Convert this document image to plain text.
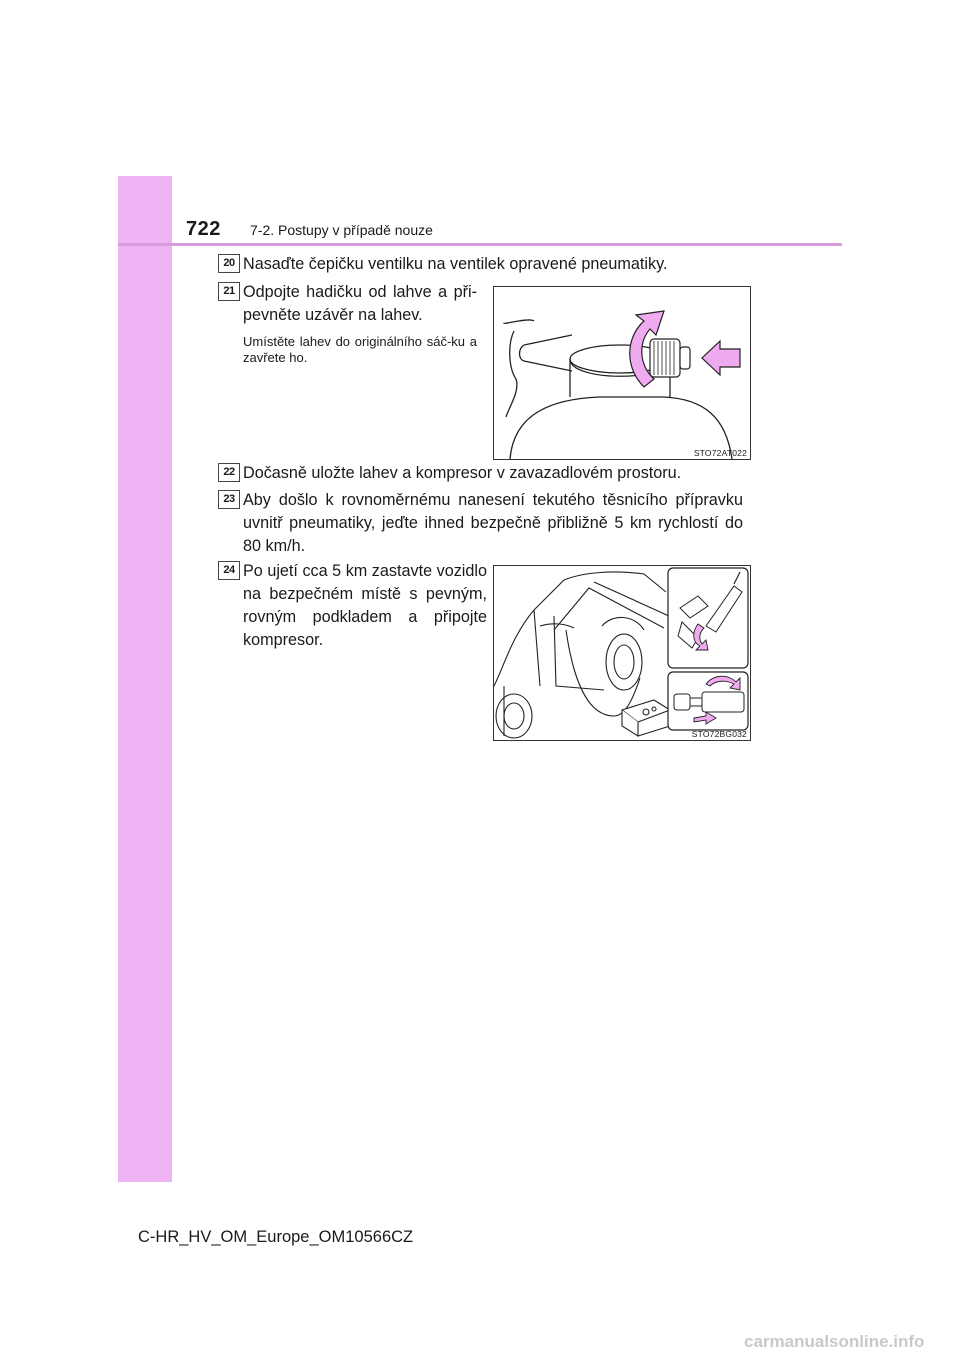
722 7-2. Postupy v případě nouze
20 Nasaďte čepičku ventilku na ventilek opravené pneumatiky.
21 Odpojte hadičku od lahve a při-pevněte uzávěr na lahev.
Umístěte lahev do originálního sáč-ku a zavřete ho.
STO72AT022
22 Dočasně uložte lahev a kompresor v zavazadlovém prostoru.
23 Aby došlo k rovnoměrnému nanesení tekutého těsnicího přípravku uvnitř pneumatiky, jeďte ihned bezpečně přibližně 5 km rychlostí do 80 km/h.
24 Po ujetí cca 5 km zastavte vozidlo na bezpečném místě s pevným, rovným podkladem a připojte kompresor.
STO72BG032
C-HR_HV_OM_Europe_OM10566CZ
carmanualsonline.info
